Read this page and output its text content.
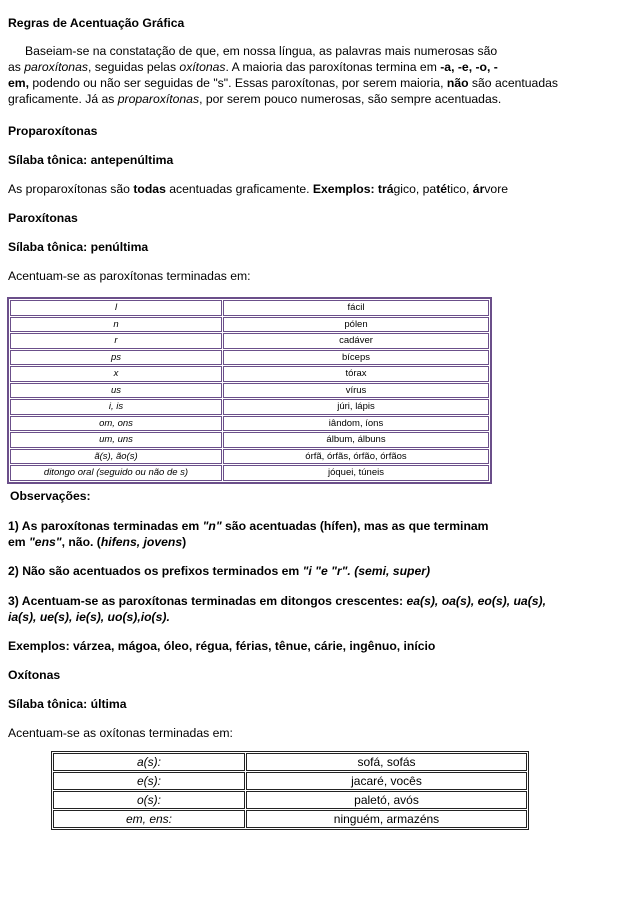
Regras de Acentuação Gráfica
Baseiam-se na constatação de que, em nossa língua, as palavras mais numerosas são
as paroxítonas, seguidas pelas oxítonas. A maioria das paroxítonas termina em -a, -e, -o, -
em, podendo ou não ser seguidas de "s". Essas paroxítonas, por serem maioria, não são acentuadas
graficamente. Já as proparoxítonas, por serem pouco numerosas, são sempre acentuadas.
Proparoxítonas
Sílaba tônica: antepenúltima
As proparoxítonas são todas acentuadas graficamente. Exemplos: trágico, patético, árvore
Paroxítonas
Sílaba tônica: penúltima
Acentuam-se as paroxítonas terminadas em:
l	fácil
n	pólen
r	cadáver
ps	bíceps
x	tórax
us	vírus
i, is	júri, lápis
om, ons	iândom, íons
um, uns	álbum, álbuns
ã(s), ão(s)	órfã, órfãs, órfão, órfãos
ditongo oral (seguido ou não de s)	jóquei, túneis
Observações:
1) As paroxítonas terminadas em "n" são acentuadas (hífen), mas as que terminam
em "ens", não. (hifens, jovens)
2) Não são acentuados os prefixos terminados em "i "e "r". (semi, super)
3) Acentuam-se as paroxítonas terminadas em ditongos crescentes: ea(s), oa(s), eo(s), ua(s),
ia(s), ue(s), ie(s), uo(s),io(s).
Exemplos: várzea, mágoa, óleo, régua, férias, tênue, cárie, ingênuo, início
Oxítonas
Sílaba tônica: última
Acentuam-se as oxítonas terminadas em:
a(s):	sofá, sofás
e(s):	jacaré, vocês
o(s):	paletó, avós
em, ens:	ninguém, armazéns
